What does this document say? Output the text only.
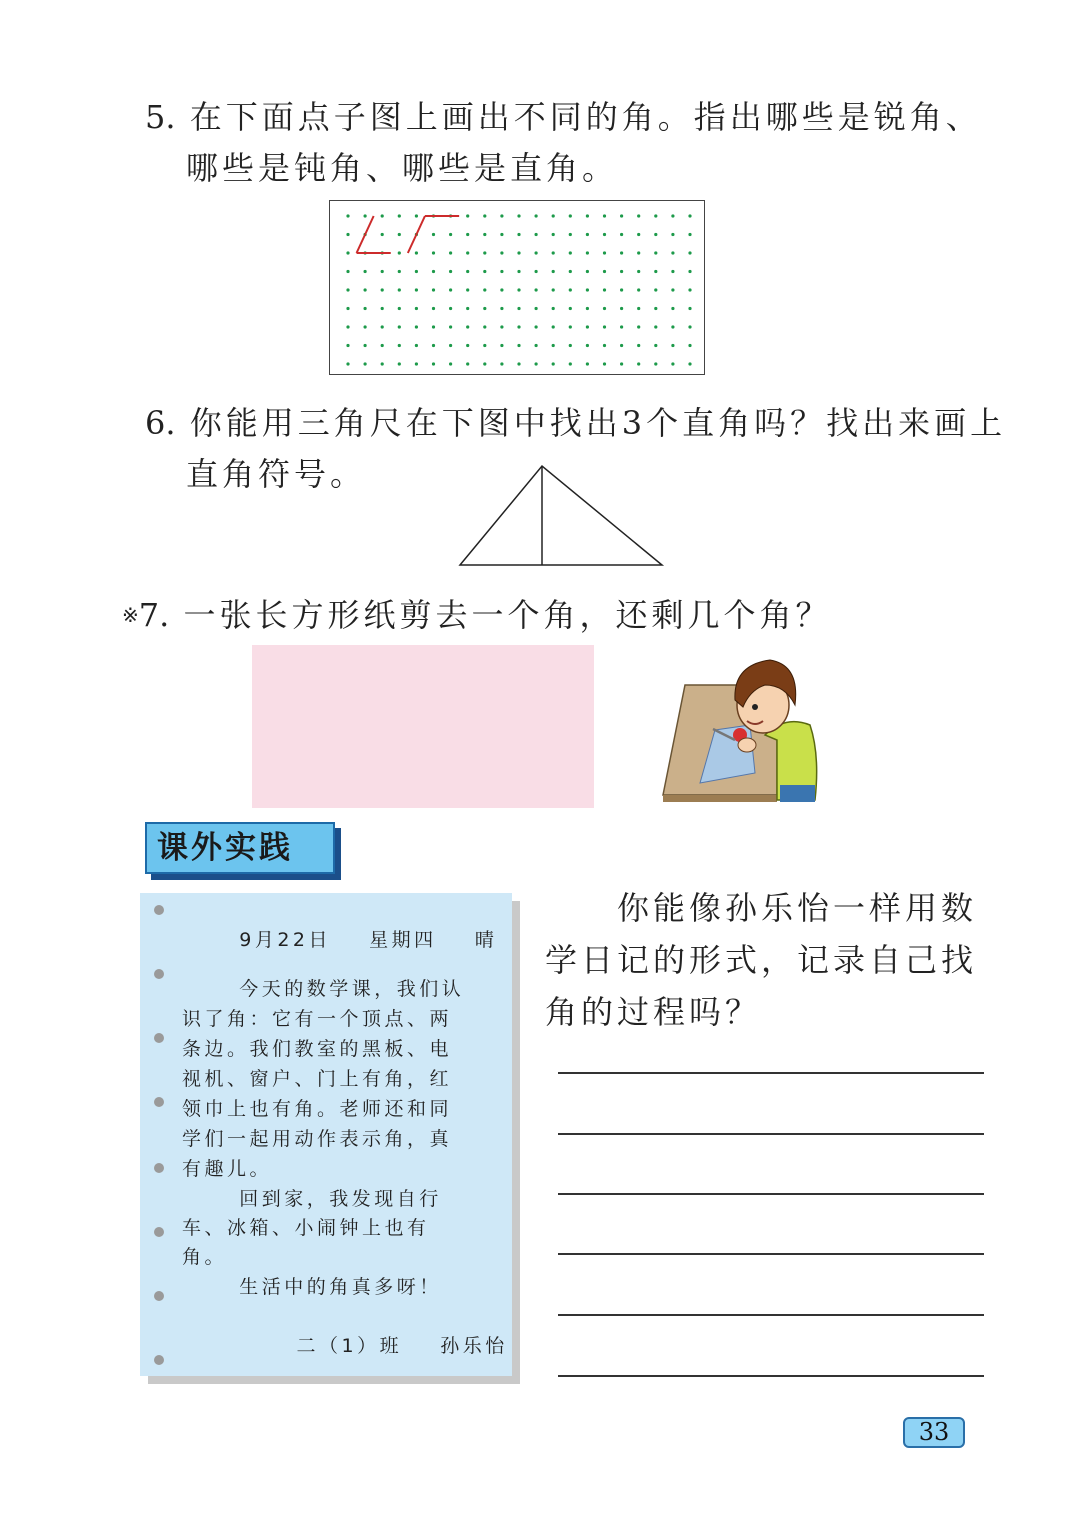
5. 在下面点子图上画出不同的角。指出哪些是锐角、
哪些是钝角、哪些是直角。
6. 你能用三角尺在下图中找出3个直角吗？找出来画上
直角符号。
※7. 一张长方形纸剪去一个角，还剩几个角？
课外实践
9月22日    星期四    晴
今天的数学课，我们认
识了角：它有一个顶点、两
条边。我们教室的黑板、电
视机、窗户、门上有角，红
领巾上也有角。老师还和同
学们一起用动作表示角，真
有趣儿。
回到家，我发现自行
车、冰箱、小闹钟上也有
角。
生活中的角真多呀！
二（1）班    孙乐怡
　　你能像孙乐怡一样用数学日记的形式，记录自己找角的过程吗？
33
